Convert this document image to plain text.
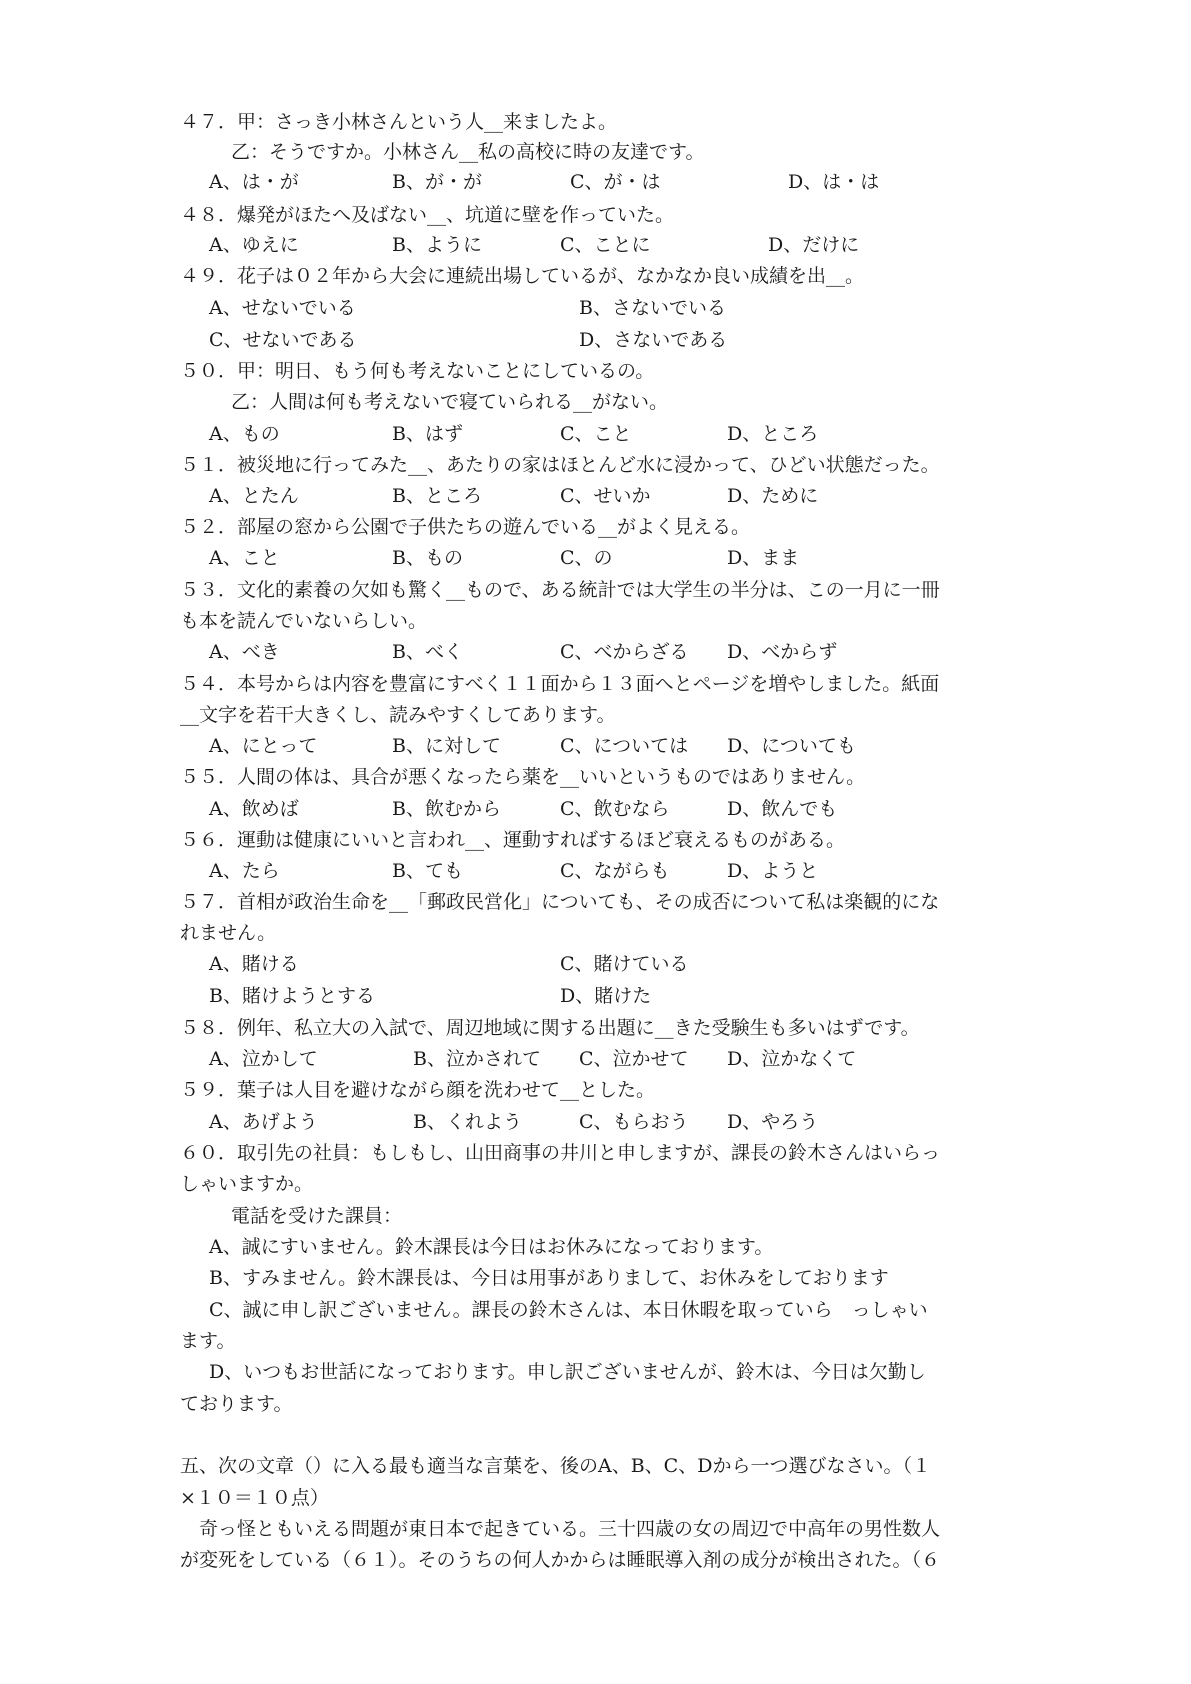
４７．甲：さっき小林さんという人__来ましたよ。
乙：そうですか。小林さん__私の高校に時の友達です。
A、は・が	B、が・が	C、が・は	D、は・は
４８．爆発がほたへ及ばない__、坑道に壁を作っていた。
A、ゆえに	B、ように	C、ことに	D、だけに
４９．花子は０２年から大会に連続出場しているが、なかなか良い成績を出__。
A、せないでいる	B、さないでいる
C、せないである	D、さないである
５０．甲：明日、もう何も考えないことにしているの。
乙：人間は何も考えないで寝ていられる__がない。
A、もの	B、はず	C、こと	D、ところ
５１．被災地に行ってみた__、あたりの家はほとんど水に浸かって、ひどい状態だった。
A、とたん	B、ところ	C、せいか	D、ために
５２．部屋の窓から公園で子供たちの遊んでいる__がよく見える。
A、こと	B、もの	C、の	D、まま
５３．文化的素養の欠如も驚く__もので、ある統計では大学生の半分は、この一月に一冊
も本を読んでいないらしい。
A、べき	B、べく	C、べからざる D、べからず
５４．本号からは内容を豊富にすべく１１面から１３面へとページを増やしました。紙面
__文字を若干大きくし、読みやすくしてあります。
A、にとって	B、に対して	C、については D、についても
５５．人間の体は、具合が悪くなったら薬を__いいというものではありません。
A、飲めば	B、飲むから	C、飲むなら	D、飲んでも
５６．運動は健康にいいと言われ__、運動すればするほど衰えるものがある。
A、たら	B、ても	C、ながらも	D、ようと
５７．首相が政治生命を__「郵政民営化」についても、その成否について私は楽観的にな
れません。
A、賭ける	C、賭けている
B、賭けようとする	D、賭けた
５８．例年、私立大の入試で、周辺地域に関する出題に__きた受験生も多いはずです。
A、泣かして	B、泣かされて C、泣かせて D、泣かなくて
５９．葉子は人目を避けながら顔を洗わせて__とした。
A、あげよう	B、くれよう	C、もらおう D、やろう
６０．取引先の社員：もしもし、山田商事の井川と申しますが、課長の鈴木さんはいらっ
しゃいますか。
電話を受けた課員：
A、誠にすいません。鈴木課長は今日はお休みになっております。
B、すみません。鈴木課長は、今日は用事がありまして、お休みをしております
C、誠に申し訳ございません。課長の鈴木さんは、本日休暇を取っていら　っしゃい
ます。
D、いつもお世話になっております。申し訳ございませんが、鈴木は、今日は欠勤し
ております。
五、次の文章（）に入る最も適当な言葉を、後のA、B、C、Dから一つ選びなさい。（１
×１０＝１０点）
　奇っ怪ともいえる問題が東日本で起きている。三十四歳の女の周辺で中高年の男性数人
が変死をしている（６１）。そのうちの何人かからは睡眠導入剤の成分が検出された。（６
